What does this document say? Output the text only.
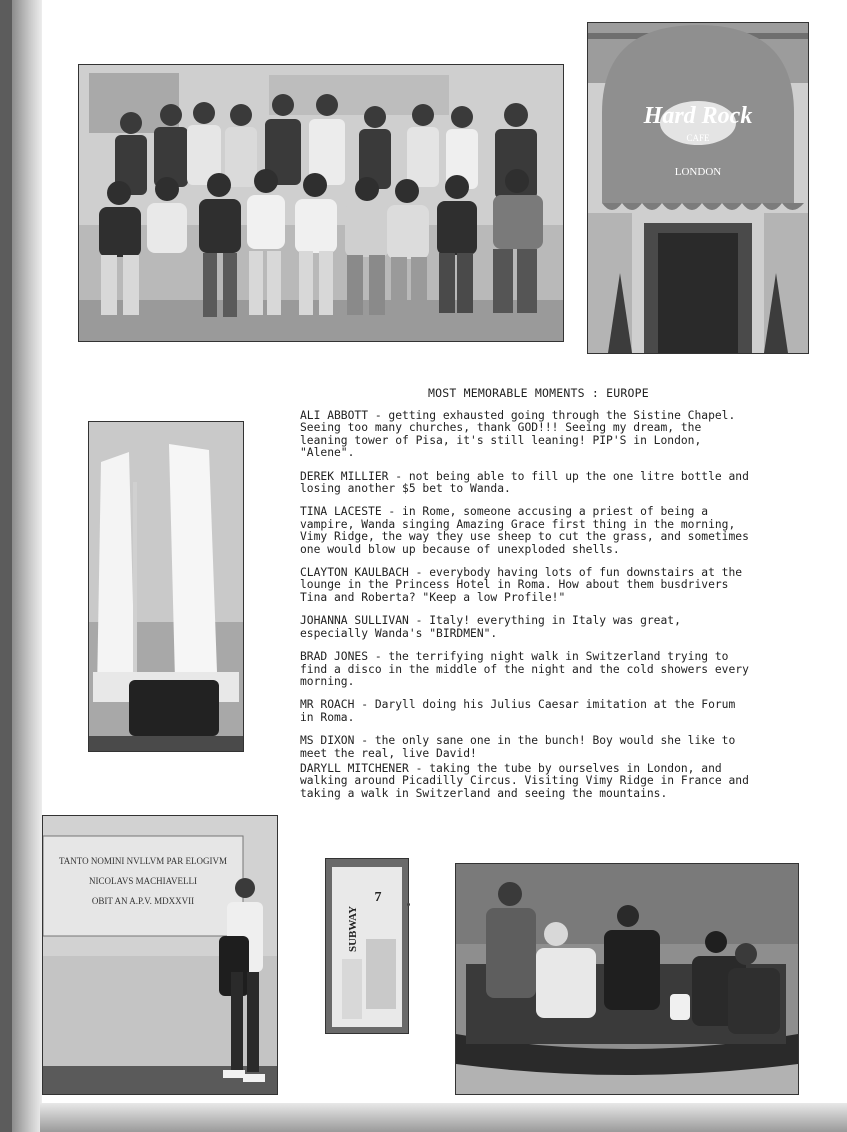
Hard Rock
CAFE
LONDON
TANTO NOMINI NVLLVM PAR ELOGIVM
NICOLAVS MACHIAVELLI
OBIT AN A.P.V. MDXXVII	7
SUBWAY
MOST MEMORABLE MOMENTS : EUROPE

ALI ABBOTT - getting exhausted going through the Sistine Chapel.
Seeing too many churches, thank GOD!!! Seeing my dream, the
leaning tower of Pisa, it's still leaning! PIP'S in London,
"Alene".

DEREK MILLIER - not being able to fill up the one litre bottle and
losing another $5 bet to Wanda.

TINA LACESTE - in Rome, someone accusing a priest of being a
vampire, Wanda singing Amazing Grace first thing in the morning,
Vimy Ridge, the way they use sheep to cut the grass, and sometimes
one would blow up because of unexploded shells.

CLAYTON KAULBACH - everybody having lots of fun downstairs at the
lounge in the Princess Hotel in Roma. How about them busdrivers
Tina and Roberta? "Keep a low Profile!"

JOHANNA SULLIVAN - Italy! everything in Italy was great,
especially Wanda's "BIRDMEN".

BRAD JONES - the terrifying night walk in Switzerland trying to
find a disco in the middle of the night and the cold showers every
morning.

MR ROACH - Daryll doing his Julius Caesar imitation at the Forum
in Roma.

MS DIXON - the only sane one in the bunch! Boy would she like to
meet the real, live David!

DARYLL MITCHENER - taking the tube by ourselves in London, and
walking around Picadilly Circus. Visiting Vimy Ridge in France and
taking a walk in Switzerland and seeing the mountains.
